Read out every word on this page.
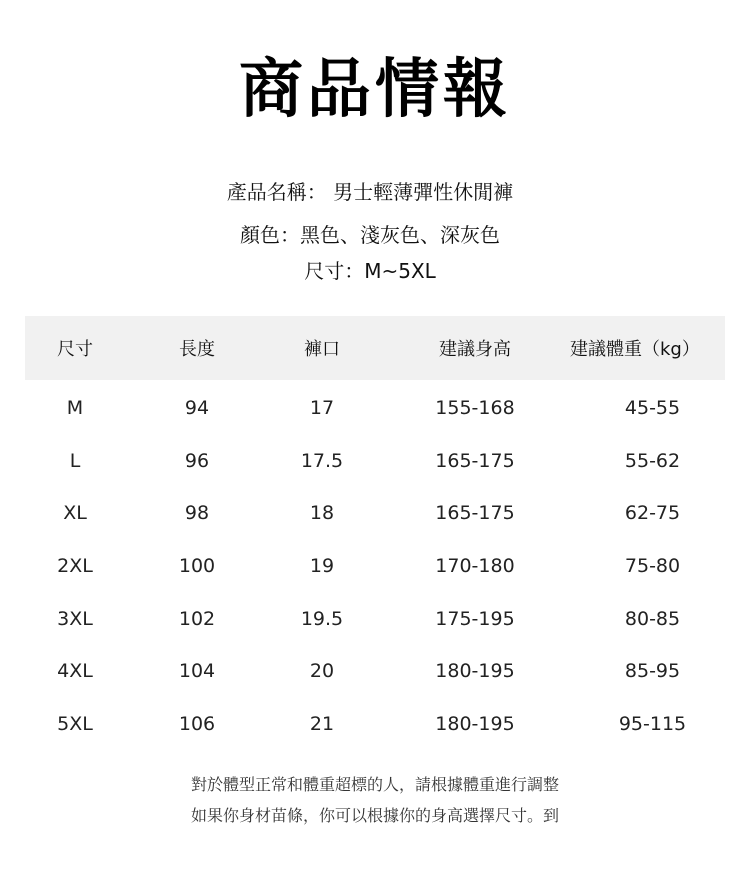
商品情報
產品名稱： 男士輕薄彈性休閒褲
顏色：黑色、淺灰色、深灰色
尺寸：M~5XL
尺寸	長度	褲口	建議身高	建議體重（kg）
M	94	17	155-168	45-55
L	96	17.5	165-175	55-62
XL	98	18	165-175	62-75
2XL	100	19	170-180	75-80
3XL	102	19.5	175-195	80-85
4XL	104	20	180-195	85-95
5XL	106	21	180-195	95-115
對於體型正常和體重超標的人，請根據體重進行調整
如果你身材苗條，你可以根據你的身高選擇尺寸。到
